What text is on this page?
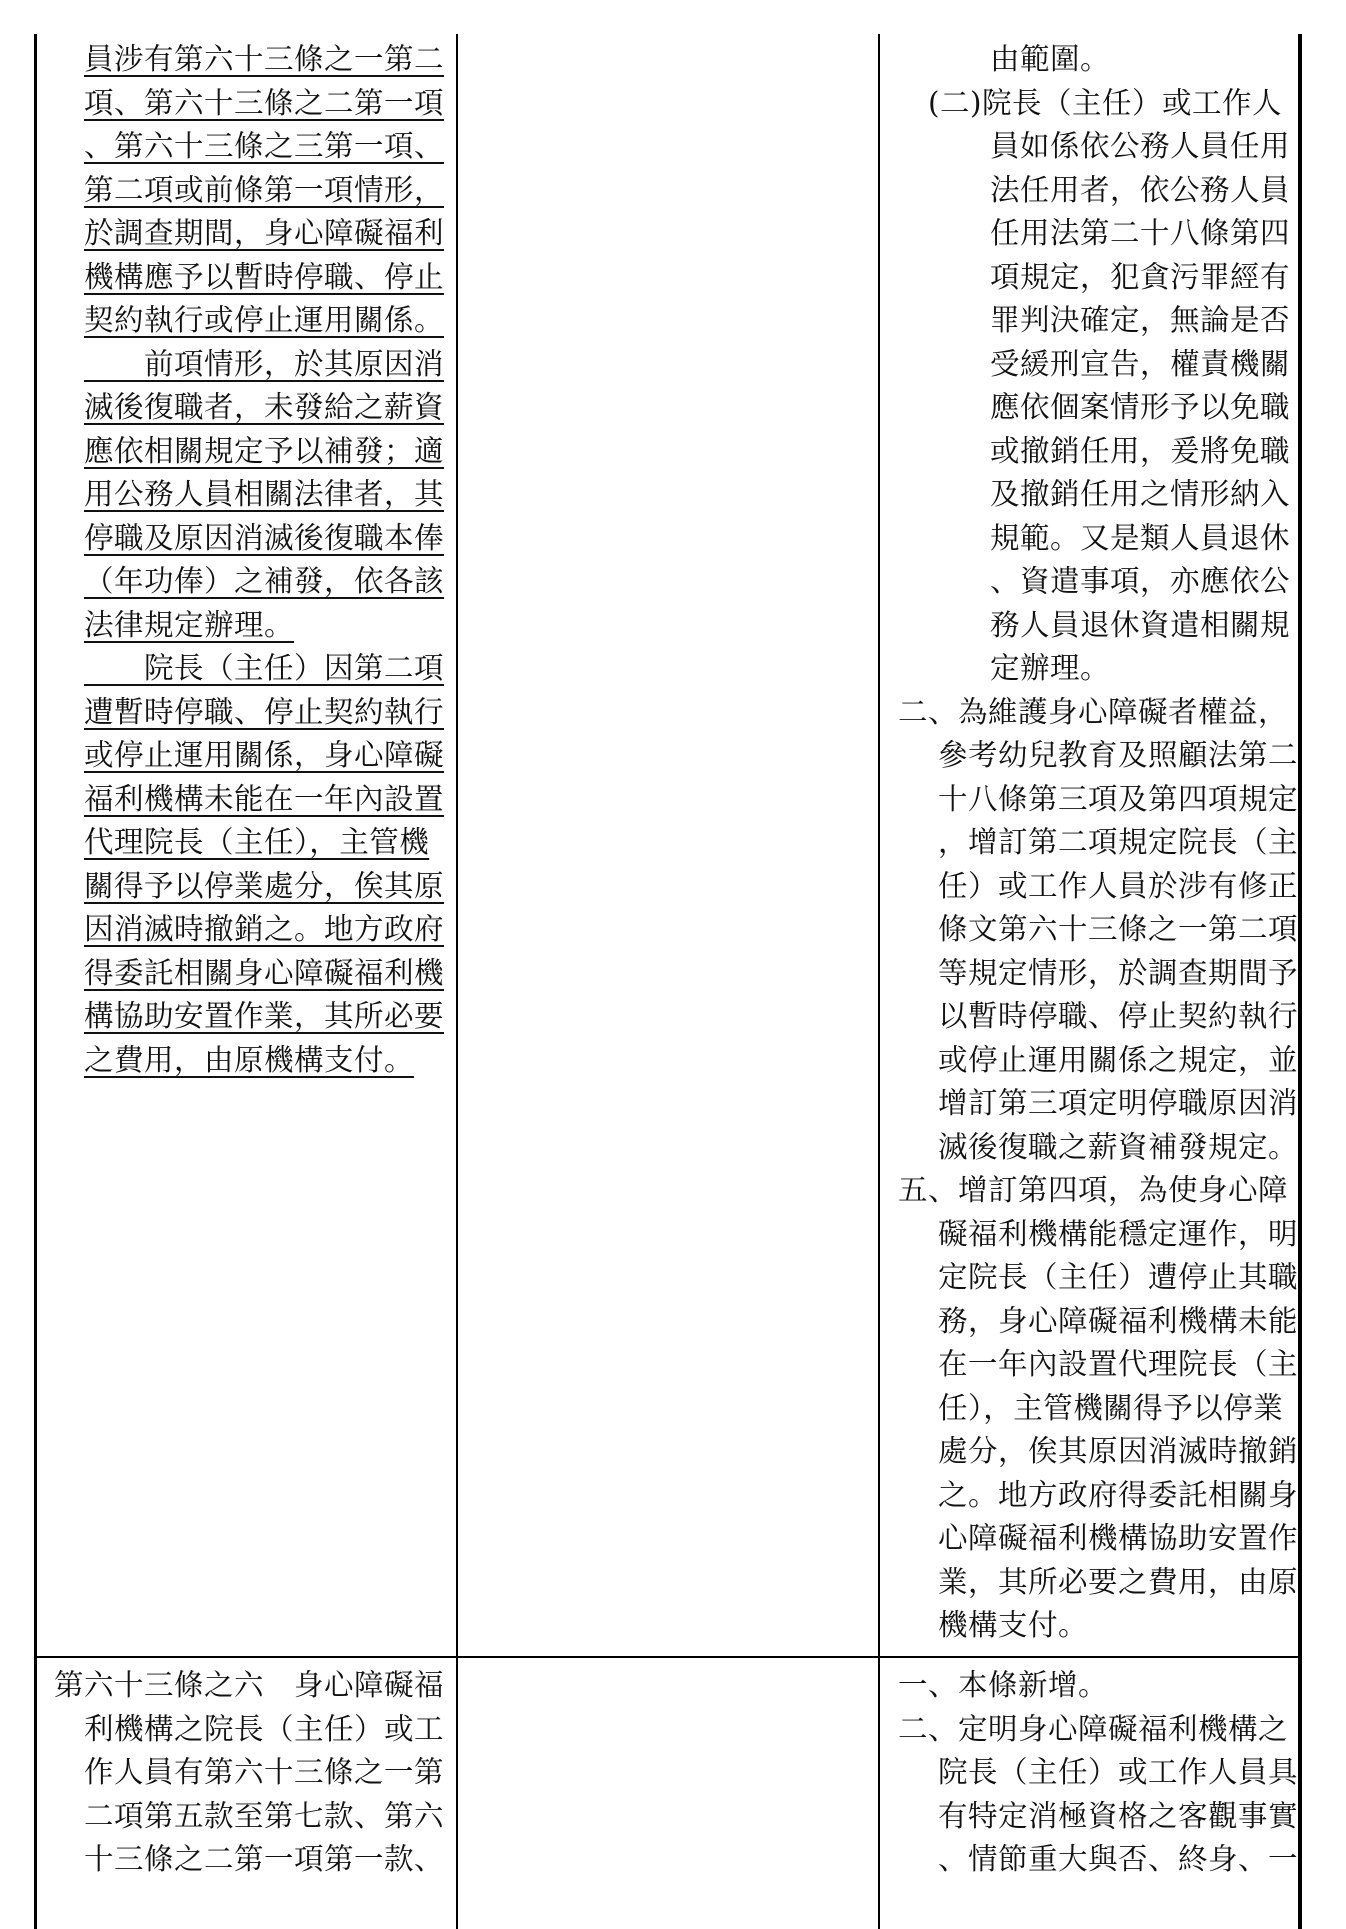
員涉有第六十三條之一第二
項、第六十三條之二第一項
、第六十三條之三第一項、
第二項或前條第一項情形，
於調查期間，身心障礙福利
機構應予以暫時停職、停止
契約執行或停止運用關係。
　　前項情形，於其原因消
滅後復職者，未發給之薪資
應依相關規定予以補發；適
用公務人員相關法律者，其
停職及原因消滅後復職本俸
（年功俸）之補發，依各該
法律規定辦理。
　　院長（主任）因第二項
遭暫時停職、停止契約執行
或停止運用關係，身心障礙
福利機構未能在一年內設置
代理院長（主任），主管機
關得予以停業處分，俟其原
因消滅時撤銷之。地方政府
得委託相關身心障礙福利機
構協助安置作業，其所必要
之費用，由原機構支付。
由範圍。
(二)院長（主任）或工作人
員如係依公務人員任用
法任用者，依公務人員
任用法第二十八條第四
項規定，犯貪污罪經有
罪判決確定，無論是否
受緩刑宣告，權責機關
應依個案情形予以免職
或撤銷任用，爰將免職
及撤銷任用之情形納入
規範。又是類人員退休
、資遣事項，亦應依公
務人員退休資遣相關規
定辦理。
二、為維護身心障礙者權益，
參考幼兒教育及照顧法第二
十八條第三項及第四項規定
，增訂第二項規定院長（主
任）或工作人員於涉有修正
條文第六十三條之一第二項
等規定情形，於調查期間予
以暫時停職、停止契約執行
或停止運用關係之規定，並
增訂第三項定明停職原因消
滅後復職之薪資補發規定。
五、增訂第四項，為使身心障
礙福利機構能穩定運作，明
定院長（主任）遭停止其職
務，身心障礙福利機構未能
在一年內設置代理院長（主
任），主管機關得予以停業
處分，俟其原因消滅時撤銷
之。地方政府得委託相關身
心障礙福利機構協助安置作
業，其所必要之費用，由原
機構支付。
第六十三條之六　身心障礙福
利機構之院長（主任）或工
作人員有第六十三條之一第
二項第五款至第七款、第六
十三條之二第一項第一款、
一、本條新增。
二、定明身心障礙福利機構之
院長（主任）或工作人員具
有特定消極資格之客觀事實
、情節重大與否、終身、一
